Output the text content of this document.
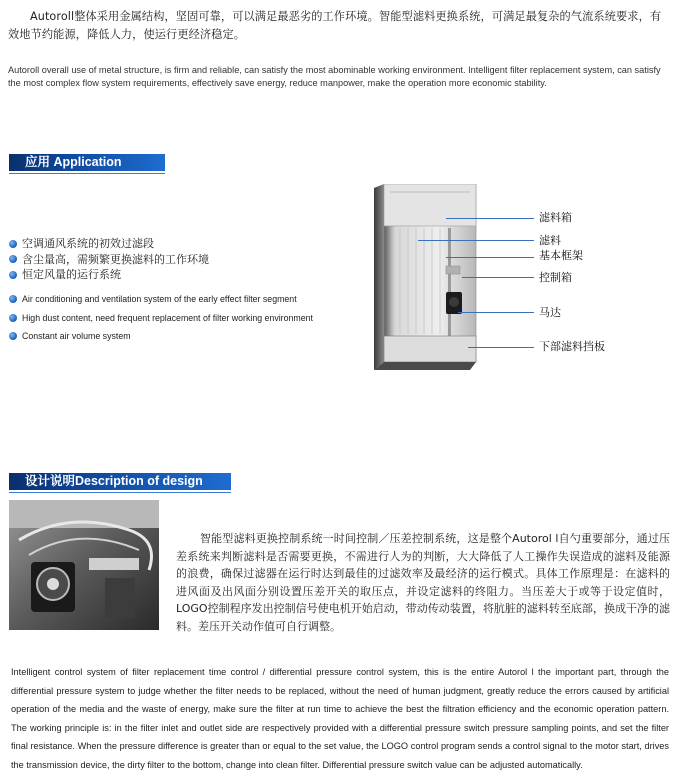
Autoroll整体采用金属结构，坚固可靠，可以满足最恶劣的工作环境。智能型滤料更换系统，可满足最复杂的气流系统要求，有效地节约能源，降低人力，使运行更经济稳定。
Autoroll overall use of metal structure, is firm and reliable, can satisfy the most abominable working environment. Intelligent filter replacement system, can satisfy the most complex flow system requirements, effectively save energy, reduce manpower, make the operation more economic stability.
应用 Application
空调通风系统的初效过滤段
含尘量高，需频繁更换滤料的工作环境
恒定风量的运行系统
Air conditioning and ventilation system of the early effect filter segment
High dust content, need frequent replacement of filter working environment
Constant air volume system
滤料箱
滤料
基本框架
控制箱
马达
下部滤料挡板
设计说明Description of design
智能型滤料更换控制系统一时间控制／压差控制系统，这是整个Autorol l自勺重要部分，通过压差系统来判断滤料是否需要更换，不需进行人为的判断，大大降低了人工操作失误造成的滤料及能源的浪费，确保过滤器在运行时达到最佳的过滤效率及最经济的运行模式。具体工作原理是：在滤料的进风面及出风面分别设置压差开关的取压点，并设定滤料的终阻力。当压差大于或等于设定值时，LOGO控制程序发出控制信号使电机开始启动，带动传动装置，将肮脏的滤料转至底部，换成干净的滤料。差压开关动作值可自行调整。
Intelligent control system of filter replacement time control / differential pressure control system, this is the entire Autorol l the important part, through the differential pressure system to judge whether the filter needs to be replaced, without the need of human judgment, greatly reduce the errors caused by artificial operation of the media and the waste of energy, make sure the filter at run time to achieve the best the filtration efficiency and the economic operation pattern. The working principle is: in the filter inlet and outlet side are respectively provided with a differential pressure switch pressure sampling points, and set the filter final resistance. When the pressure difference is greater than or equal to the set value, the LOGO control program sends a control signal to the motor start, drives the transmission device, the dirty filter to the bottom, change into clean filter. Differential pressure switch value can be adjusted automatically.
